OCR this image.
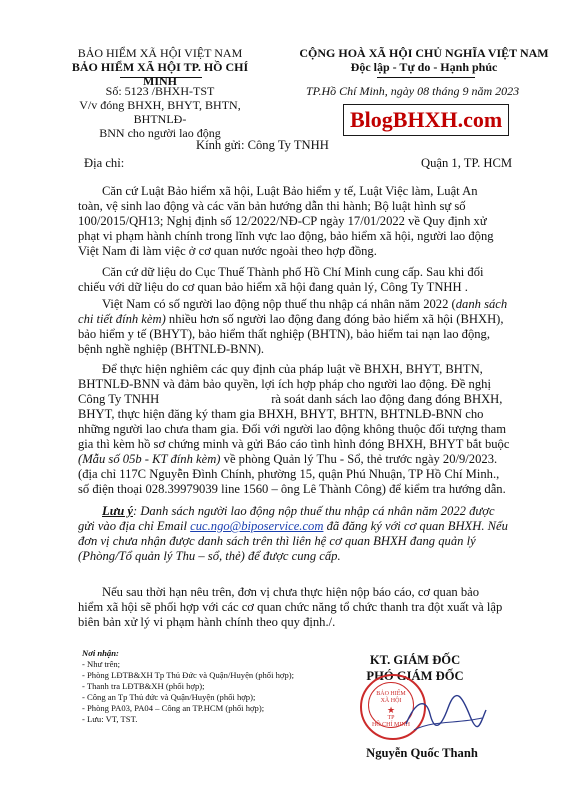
BẢO HIỂM XÃ HỘI VIỆT NAM
BẢO HIỂM XÃ HỘI TP. HỒ CHÍ MINH
Số: 5123 /BHXH-TST
V/v đóng BHXH, BHYT, BHTN, BHTNLĐ-
BNN cho người lao động
CỘNG HOÀ XÃ HỘI CHỦ NGHĨA VIỆT NAM
Độc lập - Tự do - Hạnh phúc
TP.Hồ Chí Minh, ngày 08 tháng 9 năm 2023
BlogBHXH.com
Kính gửi: Công Ty TNHH
Địa chỉ:	Quận 1, TP. HCM

Căn cứ Luật Bảo hiểm xã hội, Luật Bảo hiểm y tế, Luật Việc làm, Luật An

toàn, vệ sinh lao động và các văn bản hướng dẫn thi hành; Bộ luật hình sự số

100/2015/QH13; Nghị định số 12/2022/NĐ-CP ngày 17/01/2022 về Quy định xử

phạt vi phạm hành chính trong lĩnh vực lao động, bảo hiểm xã hội, người lao động

Việt Nam đi làm việc ở cơ quan nước ngoài theo hợp đồng.

Căn cứ dữ liệu do Cục Thuế Thành phố Hồ Chí Minh cung cấp. Sau khi đối

chiếu với dữ liệu do cơ quan bảo hiểm xã hội đang quản lý, Công Ty TNHH .

Việt Nam có số người lao động nộp thuế thu nhập cá nhân năm 2022 (danh sách

chi tiết đính kèm) nhiều hơn số người lao động đang đóng bảo hiểm xã hội (BHXH),

bảo hiểm y tế (BHYT), bảo hiểm thất nghiệp (BHTN), bảo hiểm tai nạn lao động,

bệnh nghề nghiệp (BHTNLĐ-BNN).

Để thực hiện nghiêm các quy định của pháp luật về BHXH, BHYT, BHTN,

BHTNLĐ-BNN và đảm bảo quyền, lợi ích hợp pháp cho người lao động. Đề nghị

Công Ty TNHH	rà soát danh sách lao động đang đóng BHXH,

BHYT, thực hiện đăng ký tham gia BHXH, BHYT, BHTN, BHTNLĐ-BNN cho

những người lao chưa tham gia. Đối với người lao động không thuộc đối tượng tham

gia thì kèm hồ sơ chứng minh và gửi Báo cáo tình hình đóng BHXH, BHYT bắt buộc

(Mẫu số 05b - KT đính kèm) về phòng Quản lý Thu - Sổ, thẻ trước ngày 20/9/2023.

(địa chỉ 117C Nguyễn Đình Chính, phường 15, quận Phú Nhuận, TP Hồ Chí Minh.,

số điện thoại 028.39979039 line 1560 – ông Lê Thành Công) để kiểm tra hướng dẫn.

Lưu ý: Danh sách người lao động nộp thuế thu nhập cá nhân năm 2022 được

gửi vào địa chỉ Email cuc.ngo@biposervice.com đã đăng ký với cơ quan BHXH. Nếu

đơn vị chưa nhận được danh sách trên thì liên hệ cơ quan BHXH đang quản lý

(Phòng/Tổ quản lý Thu – sổ, thẻ) để được cung cấp.

Nếu sau thời hạn nêu trên, đơn vị chưa thực hiện nộp báo cáo, cơ quan bảo

hiểm xã hội sẽ phối hợp với các cơ quan chức năng tổ chức thanh tra đột xuất và lập

biên bản xử lý vi phạm hành chính theo quy định./.

Nơi nhận:
- Như trên;
- Phòng LĐTB&XH Tp Thủ Đức và Quận/Huyện (phối hợp);
- Thanh tra LĐTB&XH (phối hợp);
- Công an Tp Thủ đức và Quận/Huyện (phối hợp);
- Phòng PA03, PA04 – Công an TP.HCM (phối hợp);
- Lưu: VT, TST.
KT. GIÁM ĐỐC
PHÓ GIÁM ĐỐC
BẢO HIỂM
XÃ HỘI
★
TP
HỒ CHÍ MINH
Nguyễn Quốc Thanh
